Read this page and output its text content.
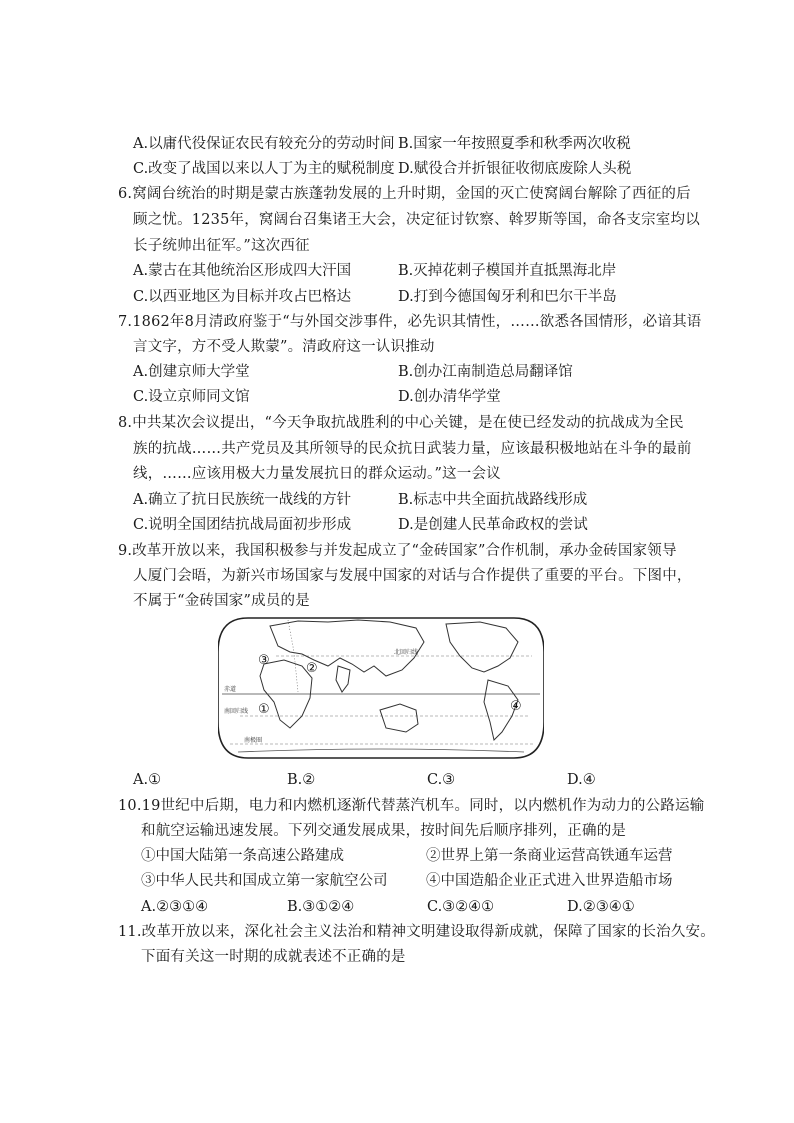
A.以庸代役保证农民有较充分的劳动时间 B.国家一年按照夏季和秋季两次收税
C.改变了战国以来以人丁为主的赋税制度 D.赋役合并折银征收彻底废除人头税
6.窝阔台统治的时期是蒙古族蓬勃发展的上升时期，金国的灭亡使窝阔台解除了西征的后
顾之忧。1235年，窝阔台召集诸王大会，决定征讨钦察、斡罗斯等国，命各支宗室均以
长子统帅出征军。”这次西征
A.蒙古在其他统治区形成四大汗国	B.灭掉花剌子模国并直抵黑海北岸
C.以西亚地区为目标并攻占巴格达	D.打到今德国匈牙利和巴尔干半岛
7.1862年8月清政府鉴于“与外国交涉事件，必先识其情性，……欲悉各国情形，必谙其语
言文字，方不受人欺蒙”。清政府这一认识推动
A.创建京师大学堂	B.创办江南制造总局翻译馆
C.设立京师同文馆	D.创办清华学堂
8.中共某次会议提出，“今天争取抗战胜利的中心关键，是在使已经发动的抗战成为全民
族的抗战……共产党员及其所领导的民众抗日武装力量，应该最积极地站在斗争的最前
线，……应该用极大力量发展抗日的群众运动。”这一会议
A.确立了抗日民族统一战线的方针	B.标志中共全面抗战路线形成
C.说明全国团结抗战局面初步形成	D.是创建人民革命政权的尝试
9.改革开放以来，我国积极参与并发起成立了“金砖国家”合作机制，承办金砖国家领导
人厦门会晤，为新兴市场国家与发展中国家的对话与合作提供了重要的平台。下图中，
不属于“金砖国家”成员的是
赤道
北回归线
南回归线
南极圈
①
②
③
④
A.①	B.②	C.③	D.④
10.19世纪中后期，电力和内燃机逐渐代替蒸汽机车。同时，以内燃机作为动力的公路运输
和航空运输迅速发展。下列交通发展成果，按时间先后顺序排列，正确的是
①中国大陆第一条高速公路建成	②世界上第一条商业运营高铁通车运营
③中华人民共和国成立第一家航空公司	④中国造船企业正式进入世界造船市场
A.②③①④	B.③①②④	C.③②④①	D.②③④①
11.改革开放以来，深化社会主义法治和精神文明建设取得新成就，保障了国家的长治久安。
下面有关这一时期的成就表述不正确的是
